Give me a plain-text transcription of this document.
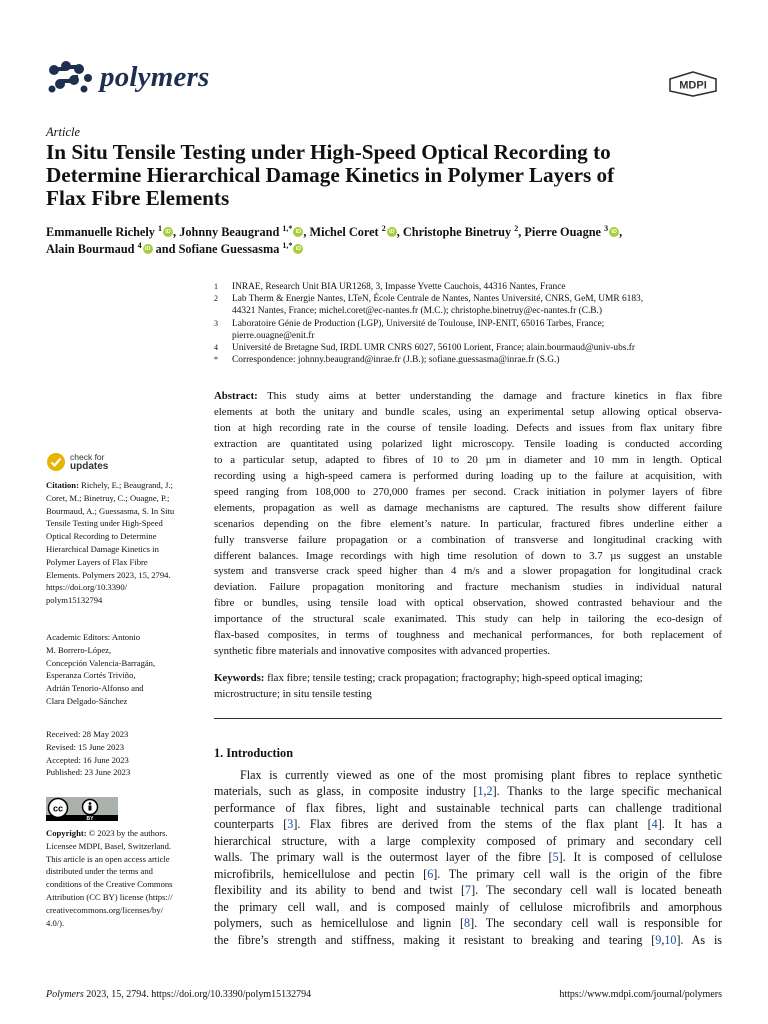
polymers	MDPI
Article
In Situ Tensile Testing under High-Speed Optical Recording to
Determine Hierarchical Damage Kinetics in Polymer Layers of
Flax Fibre Elements
Emmanuelle Richely $^1$ iD , Johnny Beaugrand $^{1,*}$ iD , Michel Coret $^2$ iD , Christophe Binetruy $^2$, Pierre Ouagne $^3$ iD ,
Alain Bourmaud $^4$iD and Sofiane Guessasma $^{1,*}$iD
1	INRAE, Research Unit BIA UR1268, 3, Impasse Yvette Cauchois, 44316 Nantes, France
2	Lab Therm & Energie Nantes, LTeN, École Centrale de Nantes, Nantes Université, CNRS, GeM, UMR 6183,
44321 Nantes, France; michel.coret@ec-nantes.fr (M.C.); christophe.binetruy@ec-nantes.fr (C.B.)
3	Laboratoire Génie de Production (LGP), Université de Toulouse, INP-ENIT, 65016 Tarbes, France;
pierre.ouagne@enit.fr
4	Université de Bretagne Sud, IRDL UMR CNRS 6027, 56100 Lorient, France; alain.bourmaud@univ-ubs.fr
*	Correspondence: johnny.beaugrand@inrae.fr (J.B.); sofiane.guessasma@inrae.fr (S.G.)
check for
updates
Citation: Richely, E.; Beaugrand, J.;
Coret, M.; Binetruy, C.; Ouagne, P.;
Bourmaud, A.; Guessasma, S. In Situ
Tensile Testing under High-Speed
Optical Recording to Determine
Hierarchical Damage Kinetics in
Polymer Layers of Flax Fibre
Elements. Polymers 2023, 15, 2794.
https://doi.org/10.3390/
polym15132794
Academic Editors: Antonio
M. Borrero-López,
Concepción Valencia-Barragán,
Esperanza Cortés Triviño,
Adrián Tenorio-Alfonso and
Clara Delgado-Sánchez
Received: 28 May 2023
Revised: 15 June 2023
Accepted: 16 June 2023
Published: 23 June 2023
cc
BY
Copyright: © 2023 by the authors.
Licensee MDPI, Basel, Switzerland.
This article is an open access article
distributed under the terms and
conditions of the Creative Commons
Attribution (CC BY) license (https://
creativecommons.org/licenses/by/
4.0/).
Abstract: This study aims at better understanding the damage and fracture kinetics in flax fibre
elements at both the unitary and bundle scales, using an experimental setup allowing optical observa-
tion at high recording rate in the course of tensile loading. Defects and issues from flax unitary fibre
extraction are quantitated using polarized light microscopy. Tensile loading is conducted according
to a particular setup, adapted to fibres of 10 to 20 µm in diameter and 10 mm in length. Optical
recording using a high-speed camera is performed during loading up to the failure at acquisition, with
speed ranging from 108,000 to 270,000 frames per second. Crack initiation in polymer layers of fibre
elements, propagation as well as damage mechanisms are captured. The results show different failure
scenarios depending on the fibre element’s nature. In particular, fractured fibres underline either a
fully transverse failure propagation or a combination of transverse and longitudinal cracking with
different balances. Image recordings with high time resolution of down to 3.7 µs suggest an unstable
system and transverse crack speed higher than 4 m/s and a slower propagation for longitudinal crack
deviation. Failure propagation monitoring and fracture mechanism studies in individual natural
fibre or bundles, using tensile load with optical observation, showed contrasted behaviour and the
importance of the structural scale exanimated. This study can help in tailoring the eco-design of
flax-based composites, in terms of toughness and mechanical performances, for both replacement of
synthetic fibre materials and innovative composites with advanced properties.
Keywords: flax fibre; tensile testing; crack propagation; fractography; high-speed optical imaging;
microstructure; in situ tensile testing
1. Introduction
Flax is currently viewed as one of the most promising plant fibres to replace synthetic
materials, such as glass, in composite industry [1,2]. Thanks to the large specific mechanical
performance of flax fibres, light and sustainable technical parts can challenge traditional
counterparts [3]. Flax fibres are derived from the stems of the flax plant [4]. It has a
hierarchical structure, with a large complexity composed of primary and secondary cell
walls. The primary wall is the outermost layer of the fibre [5]. It is composed of cellulose
microfibrils, hemicellulose and pectin [6]. The primary cell wall is the origin of the fibre
flexibility and its ability to bend and twist [7]. The secondary cell wall is located beneath
the primary cell wall, and is composed mainly of cellulose microfibrils and amorphous
polymers, such as hemicellulose and lignin [8]. The secondary cell wall is responsible for
the fibre’s strength and stiffness, making it resistant to breaking and tearing [9,10]. As is
Polymers 2023, 15, 2794. https://doi.org/10.3390/polym15132794	https://www.mdpi.com/journal/polymers
